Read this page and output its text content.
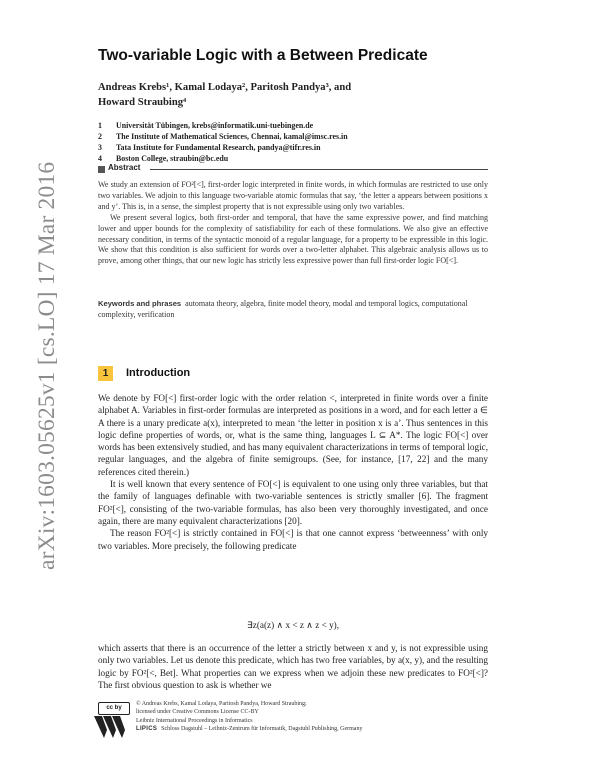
arXiv:1603.05625v1 [cs.LO] 17 Mar 2016
Two-variable Logic with a Between Predicate
Andreas Krebs¹, Kamal Lodaya², Paritosh Pandya³, and
Howard Straubing⁴
1 Universität Tübingen, krebs@informatik.uni-tuebingen.de
2 The Institute of Mathematical Sciences, Chennai, kamal@imsc.res.in
3 Tata Institute for Fundamental Research, pandya@tifr.res.in
4 Boston College, straubin@bc.edu
Abstract

We study an extension of FO²[<], first-order logic interpreted in finite words, in which formulas are restricted to use only two variables. We adjoin to this language two-variable atomic formulas that say, ‘the letter a appears between positions x and y’. This is, in a sense, the simplest property that is not expressible using only two variables.

We present several logics, both first-order and temporal, that have the same expressive power, and find matching lower and upper bounds for the complexity of satisfiability for each of these formulations. We also give an effective necessary condition, in terms of the syntactic monoid of a regular language, for a property to be expressible in this logic. We show that this condition is also sufficient for words over a two-letter alphabet. This algebraic analysis allows us to prove, among other things, that our new logic has strictly less expressive power than full first-order logic FO[<].

Keywords and phrases automata theory, algebra, finite model theory, modal and temporal logics, computational complexity, verification
1	Introduction

We denote by FO[<] first-order logic with the order relation <, interpreted in finite words over a finite alphabet A. Variables in first-order formulas are interpreted as positions in a word, and for each letter a ∈ A there is a unary predicate a(x), interpreted to mean ‘the letter in position x is a’. Thus sentences in this logic define properties of words, or, what is the same thing, languages L ⊆ A*. The logic FO[<] over words has been extensively studied, and has many equivalent characterizations in terms of temporal logic, regular languages, and the algebra of finite semigroups. (See, for instance, [17, 22] and the many references cited therein.)

It is well known that every sentence of FO[<] is equivalent to one using only three variables, but that the family of languages definable with two-variable sentences is strictly smaller [6]. The fragment FO²[<], consisting of the two-variable formulas, has also been very thoroughly investigated, and once again, there are many equivalent characterizations [20].

The reason FO²[<] is strictly contained in FO[<] is that one cannot express ‘betweenness’ with only two variables. More precisely, the following predicate

∃z(a(z) ∧ x < z ∧ z < y),

which asserts that there is an occurrence of the letter a strictly between x and y, is not expressible using only two variables. Let us denote this predicate, which has two free variables, by a(x, y), and the resulting logic by FO²[<, Bet]. What properties can we express when we adjoin these new predicates to FO²[<]? The first obvious question to ask is whether we

cc by
© Andreas Krebs, Kamal Lodaya, Paritosh Pandya, Howard Straubing;
licensed under Creative Commons License CC-BY
Leibniz International Proceedings in Informatics
LIPICS Schloss Dagstuhl – Leibniz-Zentrum für Informatik, Dagstuhl Publishing, Germany
